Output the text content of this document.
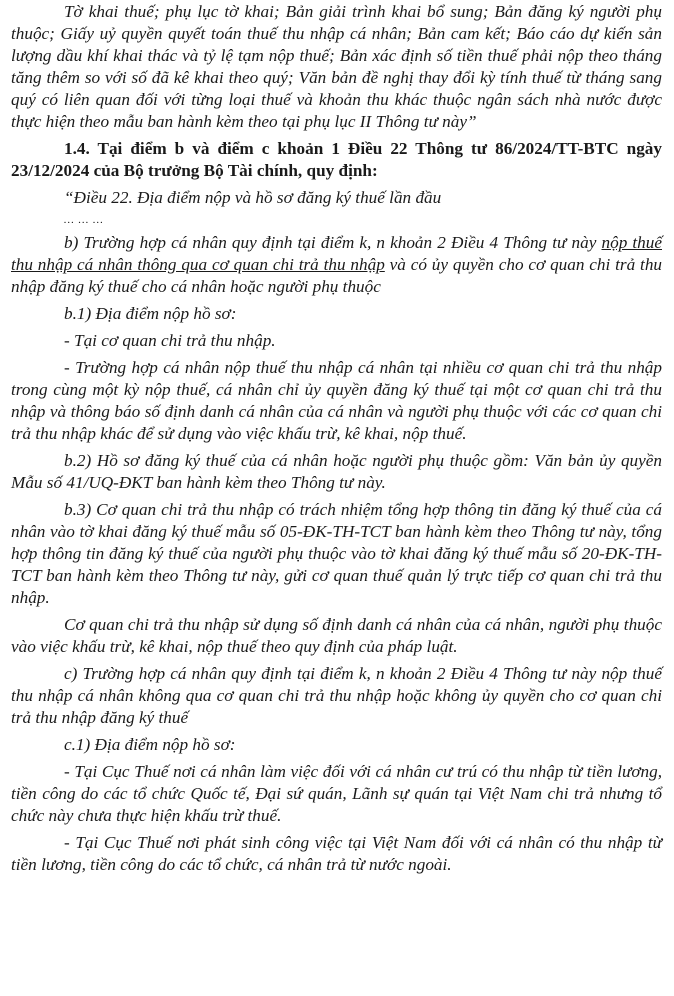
Tờ khai thuế; phụ lục tờ khai; Bản giải trình khai bổ sung; Bản đăng ký người phụ thuộc; Giấy uỷ quyền quyết toán thuế thu nhập cá nhân; Bản cam kết; Báo cáo dự kiến sản lượng dầu khí khai thác và tỷ lệ tạm nộp thuế; Bản xác định số tiền thuế phải nộp theo tháng tăng thêm so với số đã kê khai theo quý; Văn bản đề nghị thay đổi kỳ tính thuế từ tháng sang quý có liên quan đối với từng loại thuế và khoản thu khác thuộc ngân sách nhà nước được thực hiện theo mẫu ban hành kèm theo tại phụ lục II Thông tư này”

1.4. Tại điểm b và điểm c khoản 1 Điều 22 Thông tư 86/2024/TT-BTC ngày 23/12/2024 của Bộ trưởng Bộ Tài chính, quy định:

“Điều 22. Địa điểm nộp và hồ sơ đăng ký thuế lần đầu

… … …

b) Trường hợp cá nhân quy định tại điểm k, n khoản 2 Điều 4 Thông tư này nộp thuế thu nhập cá nhân thông qua cơ quan chi trả thu nhập và có ủy quyền cho cơ quan chi trả thu nhập đăng ký thuế cho cá nhân hoặc người phụ thuộc

b.1) Địa điểm nộp hồ sơ:

- Tại cơ quan chi trả thu nhập.

- Trường hợp cá nhân nộp thuế thu nhập cá nhân tại nhiều cơ quan chi trả thu nhập trong cùng một kỳ nộp thuế, cá nhân chỉ ủy quyền đăng ký thuế tại một cơ quan chi trả thu nhập và thông báo số định danh cá nhân của cá nhân và người phụ thuộc với các cơ quan chi trả thu nhập khác để sử dụng vào việc khấu trừ, kê khai, nộp thuế.

b.2) Hồ sơ đăng ký thuế của cá nhân hoặc người phụ thuộc gồm: Văn bản ủy quyền Mẫu số 41/UQ-ĐKT ban hành kèm theo Thông tư này.

b.3) Cơ quan chi trả thu nhập có trách nhiệm tổng hợp thông tin đăng ký thuế của cá nhân vào tờ khai đăng ký thuế mẫu số 05-ĐK-TH-TCT ban hành kèm theo Thông tư này, tổng hợp thông tin đăng ký thuế của người phụ thuộc vào tờ khai đăng ký thuế mẫu số 20-ĐK-TH-TCT ban hành kèm theo Thông tư này, gửi cơ quan thuế quản lý trực tiếp cơ quan chi trả thu nhập.

Cơ quan chi trả thu nhập sử dụng số định danh cá nhân của cá nhân, người phụ thuộc vào việc khấu trừ, kê khai, nộp thuế theo quy định của pháp luật.

c) Trường hợp cá nhân quy định tại điểm k, n khoản 2 Điều 4 Thông tư này nộp thuế thu nhập cá nhân không qua cơ quan chi trả thu nhập hoặc không ủy quyền cho cơ quan chi trả thu nhập đăng ký thuế

c.1) Địa điểm nộp hồ sơ:

- Tại Cục Thuế nơi cá nhân làm việc đối với cá nhân cư trú có thu nhập từ tiền lương, tiền công do các tổ chức Quốc tế, Đại sứ quán, Lãnh sự quán tại Việt Nam chi trả nhưng tổ chức này chưa thực hiện khấu trừ thuế.

- Tại Cục Thuế nơi phát sinh công việc tại Việt Nam đối với cá nhân có thu nhập từ tiền lương, tiền công do các tổ chức, cá nhân trả từ nước ngoài.
